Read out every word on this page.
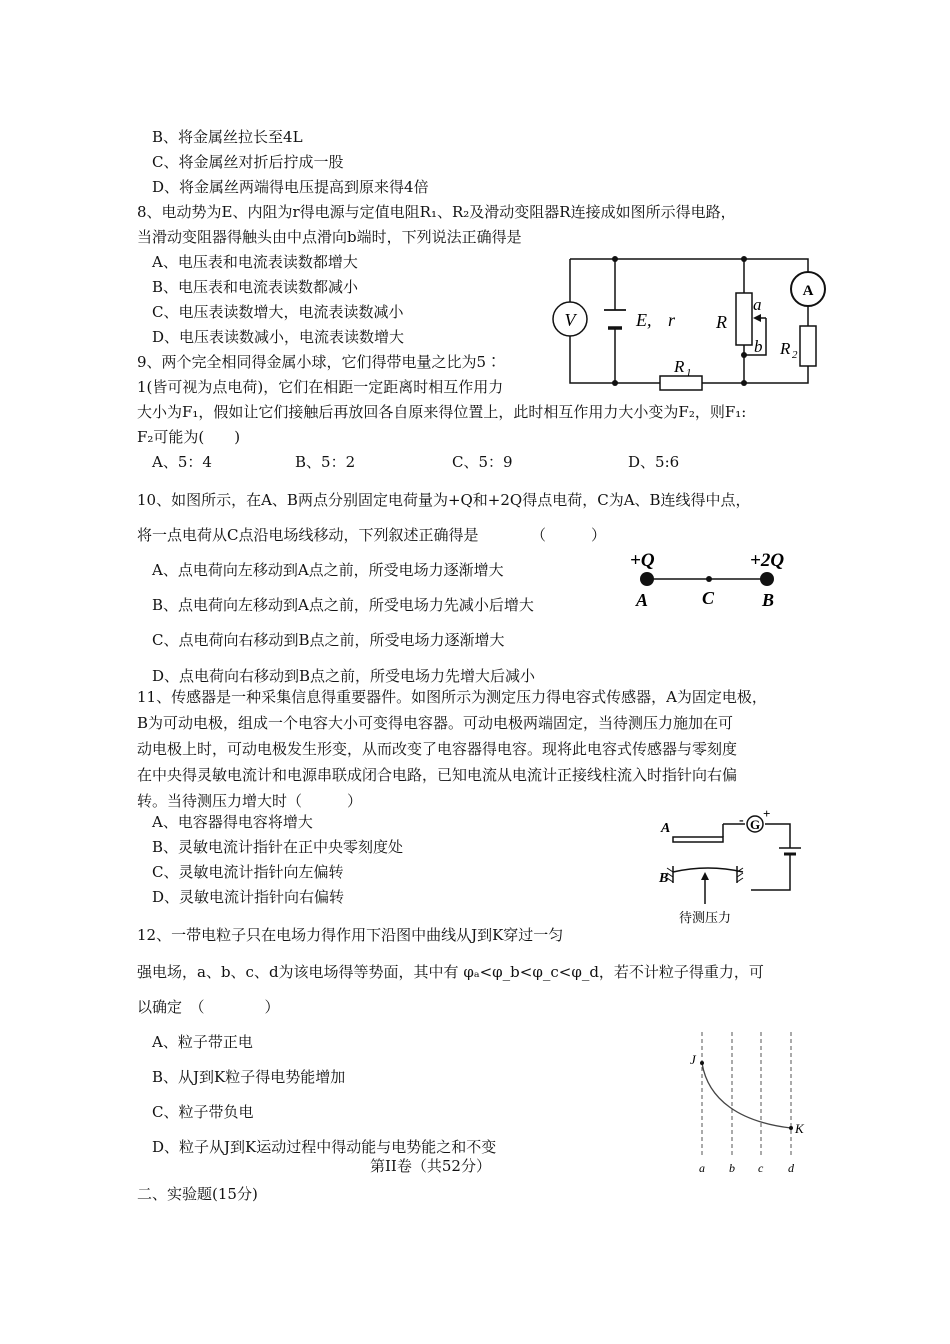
B、将金属丝拉长至4L
C、将金属丝对折后拧成一股
D、将金属丝两端得电压提高到原来得4倍
8、电动势为E、内阻为r得电源与定值电阻R₁、R₂及滑动变阻器R连接成如图所示得电路，
当滑动变阻器得触头由中点滑向b端时，下列说法正确得是
A、电压表和电流表读数都增大
B、电压表和电流表读数都减小
C、电压表读数增大，电流表读数减小
D、电压表读数减小，电流表读数增大
V
A
E, r R
a
b R 2
R 1
9、两个完全相同得金属小球，它们得带电量之比为5∶
1(皆可视为点电荷)，它们在相距一定距离时相互作用力
大小为F₁，假如让它们接触后再放回各自原来得位置上，此时相互作用力大小变为F₂，则F₁:
F₂可能为(　　)
A、5：4	B、5：2	C、5：9	D、5:6
10、如图所示，在A、B两点分别固定电荷量为+Q和+2Q得点电荷，C为A、B连线得中点，
将一点电荷从C点沿电场线移动，下列叙述正确得是　　　　（　　　）
A、点电荷向左移动到A点之前，所受电场力逐渐增大
B、点电荷向左移动到A点之前，所受电场力先减小后增大
C、点电荷向右移动到B点之前，所受电场力逐渐增大
D、点电荷向右移动到B点之前，所受电场力先增大后减小
+Q	+2Q
A	C	B
11、传感器是一种采集信息得重要器件。如图所示为测定压力得电容式传感器，A为固定电极，
B为可动电极，组成一个电容大小可变得电容器。可动电极两端固定，当待测压力施加在可
动电极上时，可动电极发生形变，从而改变了电容器得电容。现将此电容式传感器与零刻度
在中央得灵敏电流计和电源串联成闭合电路，已知电流从电流计正接线柱流入时指针向右偏
转。当待测压力增大时（　　　）
A、电容器得电容将增大
B、灵敏电流计指针在正中央零刻度处
C、灵敏电流计指针向左偏转
D、灵敏电流计指针向右偏转
G
- +
A
B
待测压力
12、一带电粒子只在电场力得作用下沿图中曲线从J到K穿过一匀
强电场，a、b、c、d为该电场得等势面，其中有 φₐ<φ_b<φ_c<φ_d，若不计粒子得重力，可
以确定　（　　　　）
A、粒子带正电
B、从J到K粒子得电势能增加
C、粒子带负电
D、粒子从J到K运动过程中得动能与电势能之和不变
J
K
a b c d
第II卷（共52分）
二、实验题(15分)
